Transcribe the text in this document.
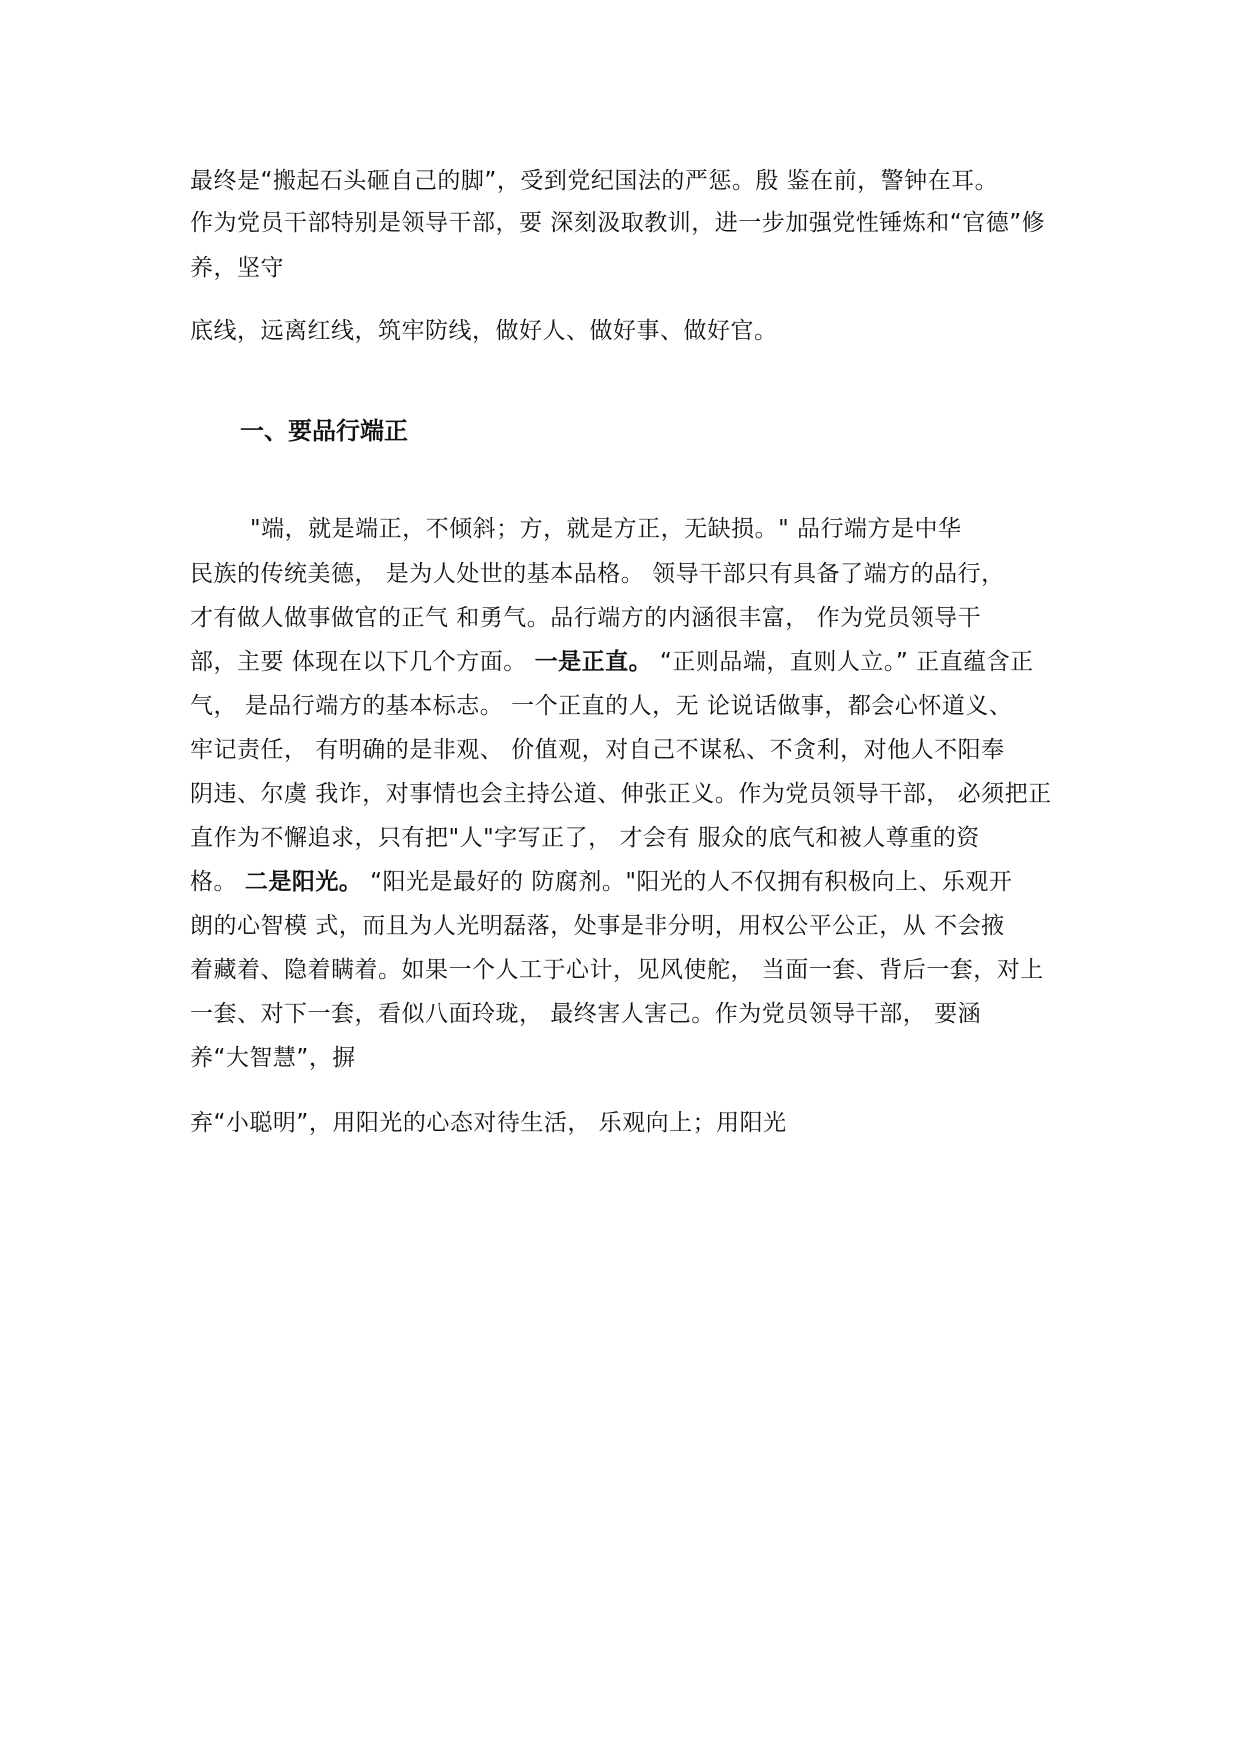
最终是“搬起石头砸自己的脚”，受到党纪国法的严惩。殷 鉴在前，警钟在耳。
作为党员干部特别是领导干部，要 深刻汲取教训，进一步加强党性锤炼和“官德”修
养，坚守
底线，远离红线，筑牢防线，做好人、做好事、做好官。
一、要品行端正
"端，就是端正，不倾斜；方，就是方正，无缺损。" 品行端方是中华
民族的传统美德， 是为人处世的基本品格。 领导干部只有具备了端方的品行，
才有做人做事做官的正气 和勇气。品行端方的内涵很丰富， 作为党员领导干
部，主要 体现在以下几个方面。 一是正直。 “正则品端，直则人立。” 正直蕴含正
气， 是品行端方的基本标志。 一个正直的人，无 论说话做事，都会心怀道义、
牢记责任， 有明确的是非观、 价值观，对自己不谋私、不贪利，对他人不阳奉
阴违、尔虞 我诈，对事情也会主持公道、伸张正义。作为党员领导干部， 必须把正
直作为不懈追求，只有把"人"字写正了， 才会有 服众的底气和被人尊重的资
格。 二是阳光。 “阳光是最好的 防腐剂。"阳光的人不仅拥有积极向上、乐观开
朗的心智模 式，而且为人光明磊落，处事是非分明，用权公平公正，从 不会掖
着藏着、隐着瞒着。如果一个人工于心计，见风使舵， 当面一套、背后一套，对上
一套、对下一套，看似八面玲珑， 最终害人害己。作为党员领导干部， 要涵
养“大智慧”，摒
弃“小聪明”，用阳光的心态对待生活， 乐观向上；用阳光
